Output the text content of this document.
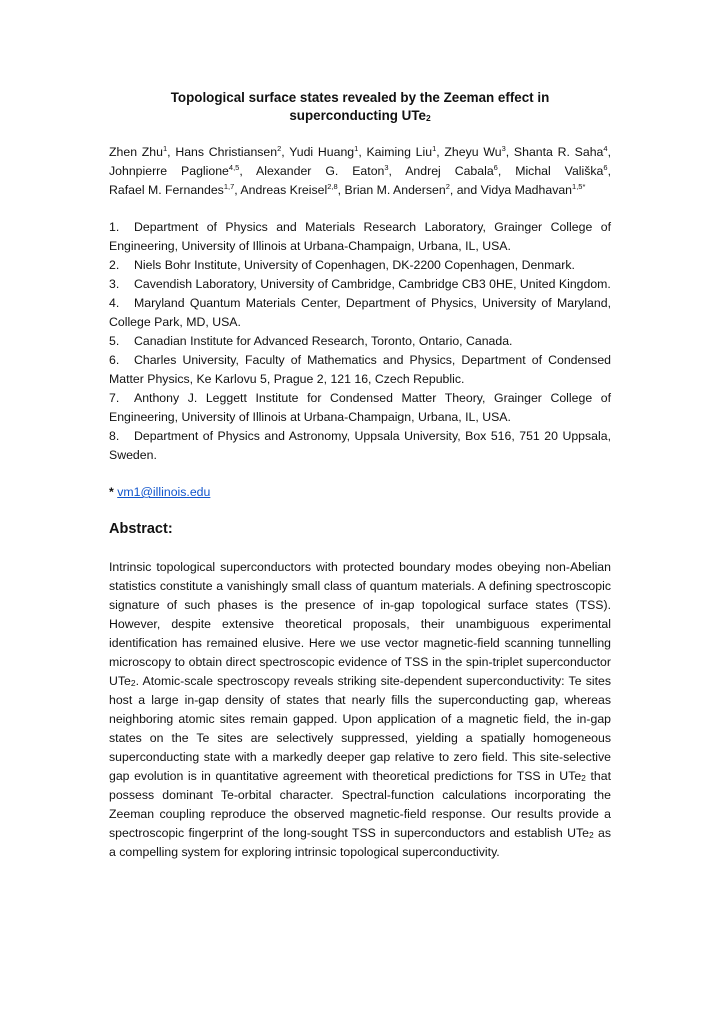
Topological surface states revealed by the Zeeman effect in
superconducting UTe$_2$
Zhen Zhu$^1$, Hans Christiansen$^2$, Yudi Huang$^1$, Kaiming Liu$^1$, Zheyu Wu$^3$, Shanta R. Saha$^4$, Johnpierre Paglione$^{4,5}$, Alexander G. Eaton$^3$, Andrej Cabala$^6$, Michal Vališka$^6$, Rafael M. Fernandes$^{1,7}$, Andreas Kreisel$^{2,8}$, Brian M. Andersen$^2$, and Vidya Madhavan$^{1,5*}$
1. Department of Physics and Materials Research Laboratory, Grainger College of Engineering, University of Illinois at Urbana-Champaign, Urbana, IL, USA.
2. Niels Bohr Institute, University of Copenhagen, DK-2200 Copenhagen, Denmark.
3. Cavendish Laboratory, University of Cambridge, Cambridge CB3 0HE, United Kingdom.
4. Maryland Quantum Materials Center, Department of Physics, University of Maryland, College Park, MD, USA.
5. Canadian Institute for Advanced Research, Toronto, Ontario, Canada.
6. Charles University, Faculty of Mathematics and Physics, Department of Condensed Matter Physics, Ke Karlovu 5, Prague 2, 121 16, Czech Republic.
7. Anthony J. Leggett Institute for Condensed Matter Theory, Grainger College of Engineering, University of Illinois at Urbana-Champaign, Urbana, IL, USA.
8. Department of Physics and Astronomy, Uppsala University, Box 516, 751 20 Uppsala, Sweden.
* vm1@illinois.edu
Abstract:

Intrinsic topological superconductors with protected boundary modes obeying non-Abelian statistics constitute a vanishingly small class of quantum materials. A defining spectroscopic signature of such phases is the presence of in-gap topological surface states (TSS). However, despite extensive theoretical proposals, their unambiguous experimental identification has remained elusive. Here we use vector magnetic-field scanning tunnelling microscopy to obtain direct spectroscopic evidence of TSS in the spin-triplet superconductor UTe$_2$. Atomic-scale spectroscopy reveals striking site-dependent superconductivity: Te sites host a large in-gap density of states that nearly fills the superconducting gap, whereas neighboring atomic sites remain gapped. Upon application of a magnetic field, the in-gap states on the Te sites are selectively suppressed, yielding a spatially homogeneous superconducting state with a markedly deeper gap relative to zero field. This site-selective gap evolution is in quantitative agreement with theoretical predictions for TSS in UTe$_2$ that possess dominant Te-orbital character. Spectral-function calculations incorporating the Zeeman coupling reproduce the observed magnetic-field response. Our results provide a spectroscopic fingerprint of the long-sought TSS in superconductors and establish UTe$_2$ as a compelling system for exploring intrinsic topological superconductivity.
